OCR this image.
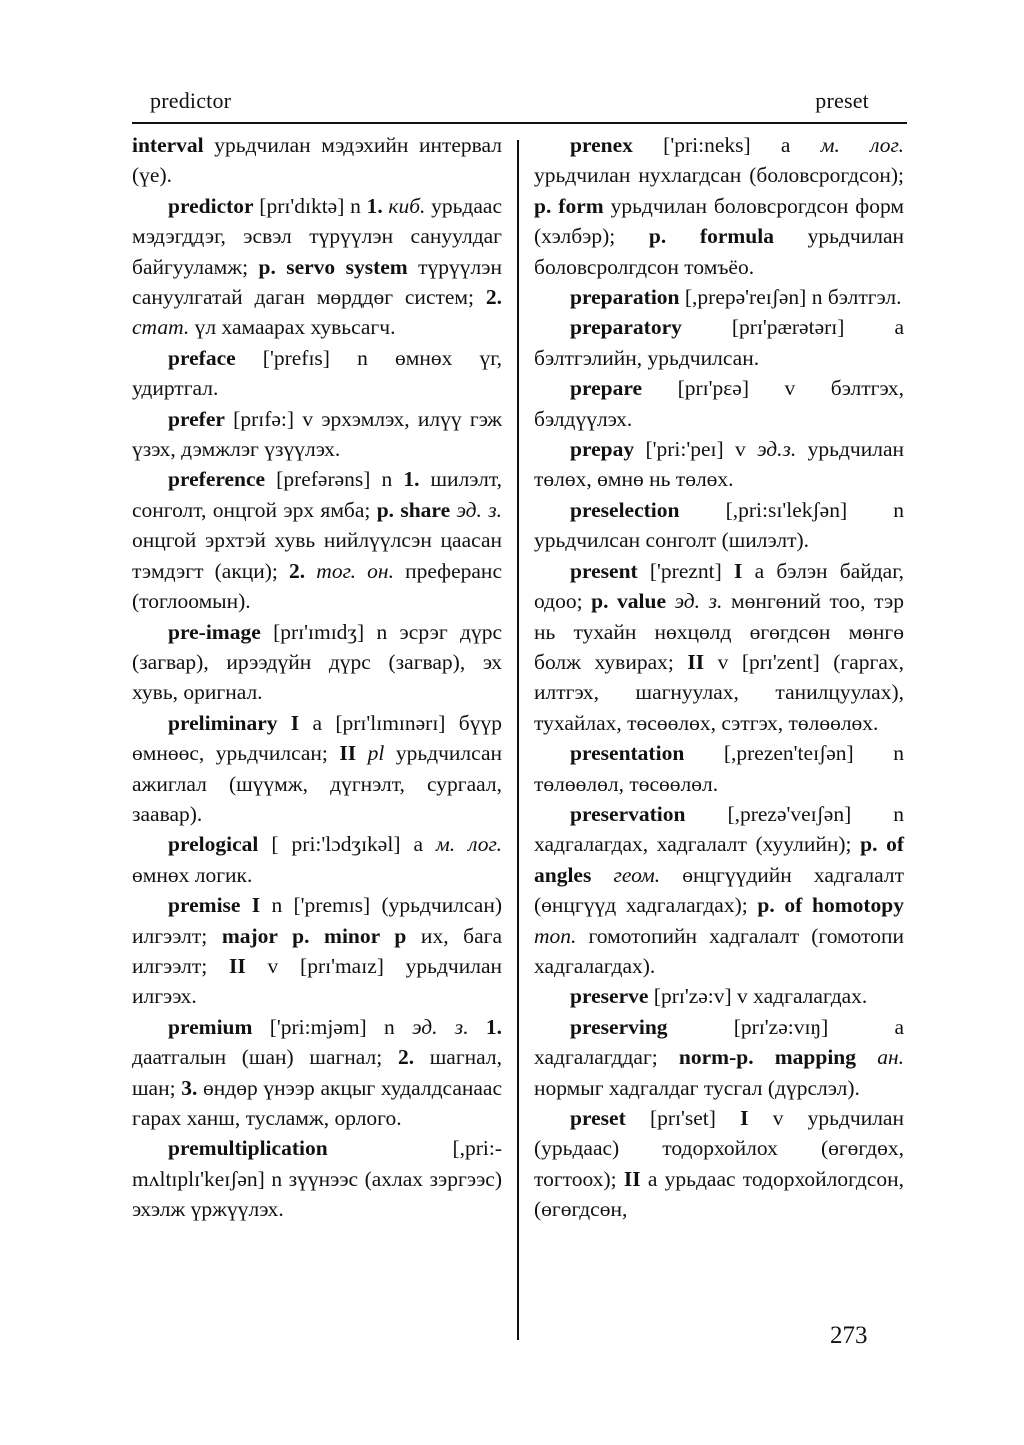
predictor	preset

interval урьдчилан мэдэхийн интервал (үе).

predictor [prɪ'dɪktə] n 1. киб. урьдаас мэдэгддэг, эсвэл түрүүлэн сануулдаг байгууламж; p. servo system түрүүлэн сануулгатай даган мөрддөг систем; 2. стат. үл хамаарах хувьсагч.

preface ['prefɪs] n өмнөх үг, удиртгал.

prefer [prɪfə:] v эрхэмлэх, илүү гэж үзэх, дэмжлэг үзүүлэх.

preference [prefərəns] n 1. шилэлт, сонголт, онцгой эрх ямба; p. share эд. з. онцгой эрхтэй хувь нийлүүлсэн цаасан тэмдэгт (акци); 2. тог. он. преферанс (тоглоомын).

pre-image [prɪ'ɪmɪdʒ] n эсрэг дүрс (загвар), ирээдүйн дүрс (загвар), эх хувь, оригнал.

preliminary I a [prɪ'lɪmɪnərɪ] бүүр өмнөөс, урьдчилсан; II pl урьдчилсан ажиглал (шүүмж, дүгнэлт, сургаал, заавар).

prelogical [ pri:'lɔdʒɪkəl] a м. лог. өмнөх логик.

premise I n ['premɪs] (урьдчилсан) илгээлт; major p. minor p их, бага илгээлт; II v [prɪ'maɪz] урьдчилан илгээх.

premium ['pri:mjəm] n эд. з. 1. даатгалын (шан) шагнал; 2. шагнал, шан; 3. өндөр үнээр акцыг худалдсанаас гарах ханш, тусламж, орлого.

premultiplication [,pri:-mʌltɪplɪ'keɪʃən] n зүүнээс (ахлах зэргээс) эхэлж үржүүлэх.

prenex ['pri:neks] a м. лог. урьдчилан нухлагдсан (боловсрогдсон); p. form урьдчилан боловсрогдсон форм (хэлбэр); p. formula урьдчилан боловсролгдсон томъёо.

preparation [,prepə'reɪʃən] n бэлтгэл.

preparatory [prɪ'pærətərɪ] a бэлтгэлийн, урьдчилсан.

prepare [prɪ'pɛə] v бэлтгэх, бэлдүүлэх.

prepay ['pri:'peɪ] v эд.з. урьдчилан төлөх, өмнө нь төлөх.

preselection [,pri:sɪ'lekʃən] n урьдчилсан сонголт (шилэлт).

present ['preznt] I a бэлэн байдаг, одоо; p. value эд. з. мөнгөний тоо, тэр нь тухайн нөхцөлд өгөгдсөн мөнгө болж хувирах; II v [prɪ'zent] (гаргах, илтгэх, шагнуулах, танилцуулах), тухайлах, төсөөлөх, сэтгэх, төлөөлөх.

presentation [,prezen'teɪʃən] n төлөөлөл, төсөөлөл.

preservation [,prezə'veɪʃən] n хадгалагдах, хадгалалт (хуулийн); p. of angles геом. өнцгүүдийн хадгалалт (өнцгүүд хадгалагдах); p. of homotopy топ. гомотопийн хадгалалт (гомотопи хадгалагдах).

preserve [prɪ'zə:v] v хадгалагдах.

preserving [prɪ'zə:vɪŋ] a хадгалагддаг; norm-p. mapping ан. нормыг хадгалдаг тусгал (дүрслэл).

preset [prɪ'set] I v урьдчилан (урьдаас) тодорхойлох (өгөгдөх, тогтоох); II a урьдаас тодорхойлогдсон, (өгөгдсөн,

273
